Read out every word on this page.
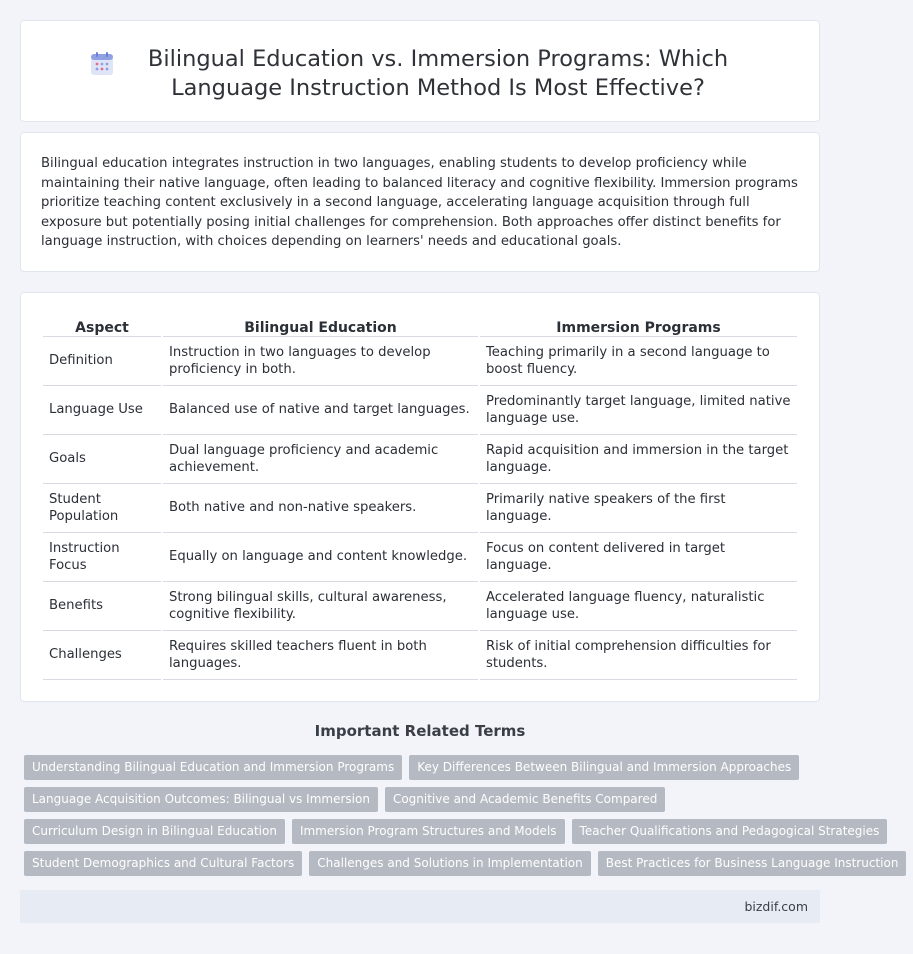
Bilingual Education vs. Immersion Programs: Which Language Instruction Method Is Most Effective?

Bilingual education integrates instruction in two languages, enabling students to develop proficiency while maintaining their native language, often leading to balanced literacy and cognitive flexibility. Immersion programs prioritize teaching content exclusively in a second language, accelerating language acquisition through full exposure but potentially posing initial challenges for comprehension. Both approaches offer distinct benefits for language instruction, with choices depending on learners' needs and educational goals.

Aspect	Bilingual Education	Immersion Programs
Definition	Instruction in two languages to develop proficiency in both.	Teaching primarily in a second language to boost fluency.
Language Use	Balanced use of native and target languages.	Predominantly target language, limited native language use.
Goals	Dual language proficiency and academic achievement.	Rapid acquisition and immersion in the target language.
Student Population	Both native and non-native speakers.	Primarily native speakers of the first language.
Instruction Focus	Equally on language and content knowledge.	Focus on content delivered in target language.
Benefits	Strong bilingual skills, cultural awareness, cognitive flexibility.	Accelerated language fluency, naturalistic language use.
Challenges	Requires skilled teachers fluent in both languages.	Risk of initial comprehension difficulties for students.
Important Related Terms
Understanding Bilingual Education and Immersion Programs Key Differences Between Bilingual and Immersion Approaches
Language Acquisition Outcomes: Bilingual vs Immersion Cognitive and Academic Benefits Compared
Curriculum Design in Bilingual Education Immersion Program Structures and Models Teacher Qualifications and Pedagogical Strategies
Student Demographics and Cultural Factors Challenges and Solutions in Implementation Best Practices for Business Language Instruction
bizdif.com
